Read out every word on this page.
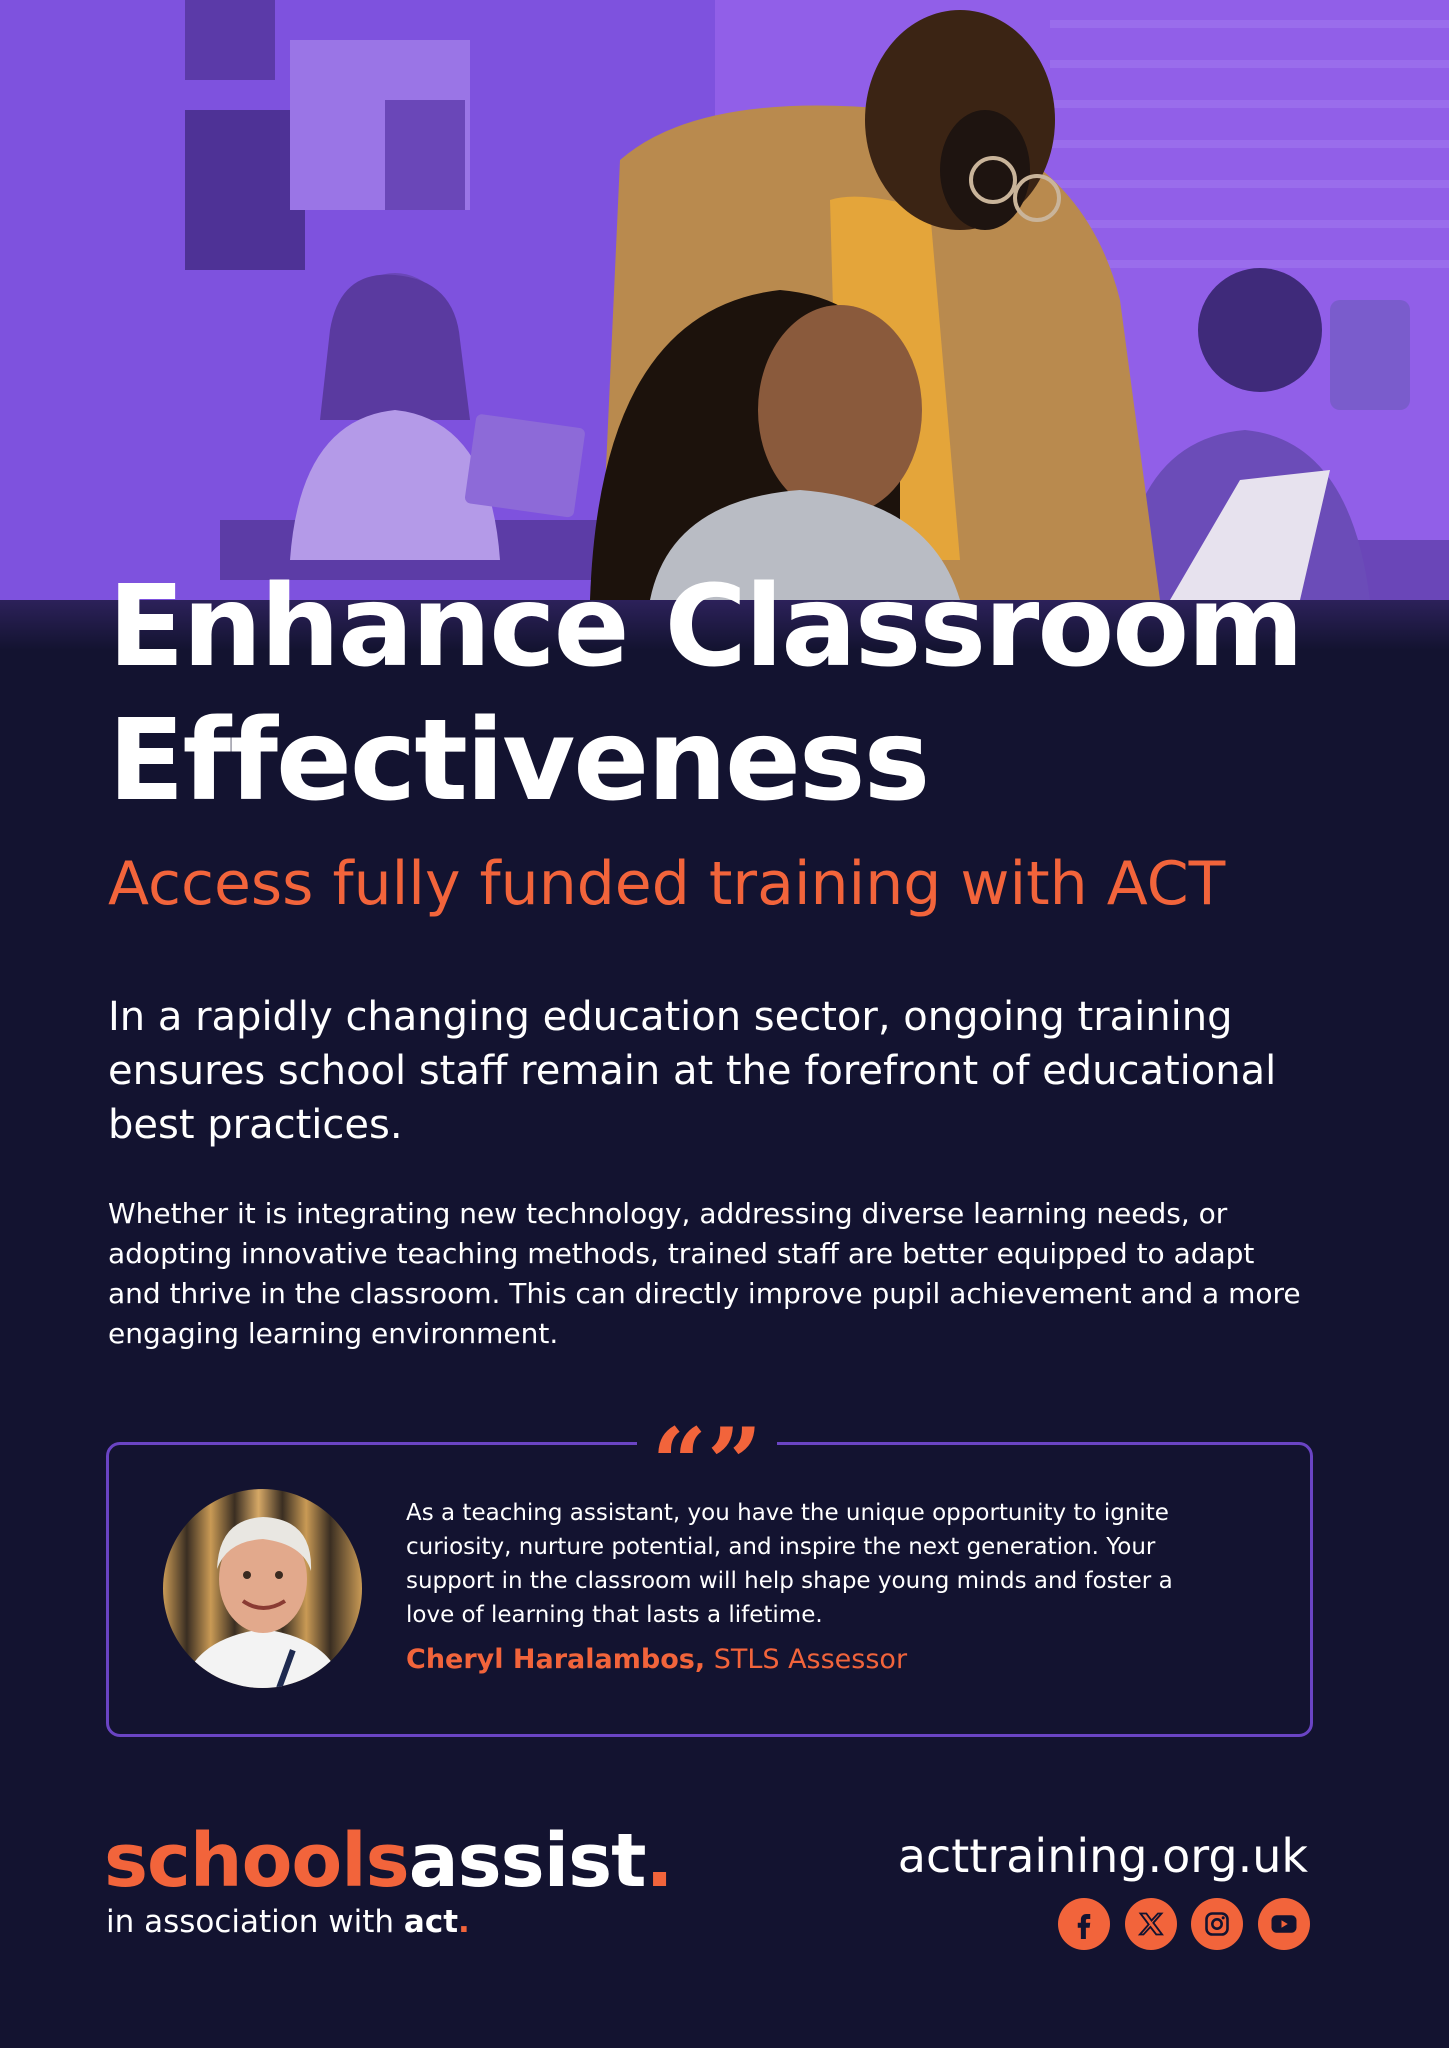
Enhance Classroom
Effectiveness

Access fully funded training with ACT

In a rapidly changing education sector, ongoing training ensures school staff remain at the forefront of educational best practices.

Whether it is integrating new technology, addressing diverse learning needs, or adopting innovative teaching methods, trained staff are better equipped to adapt and thrive in the classroom. This can directly improve pupil achievement and a more engaging learning environment.

“”

As a teaching assistant, you have the unique opportunity to ignite curiosity, nurture potential, and inspire the next generation. Your support in the classroom will help shape young minds and foster a love of learning that lasts a lifetime.

Cheryl Haralambos, STLS Assessor

schoolsassist.

in association with act.

acttraining.org.uk
